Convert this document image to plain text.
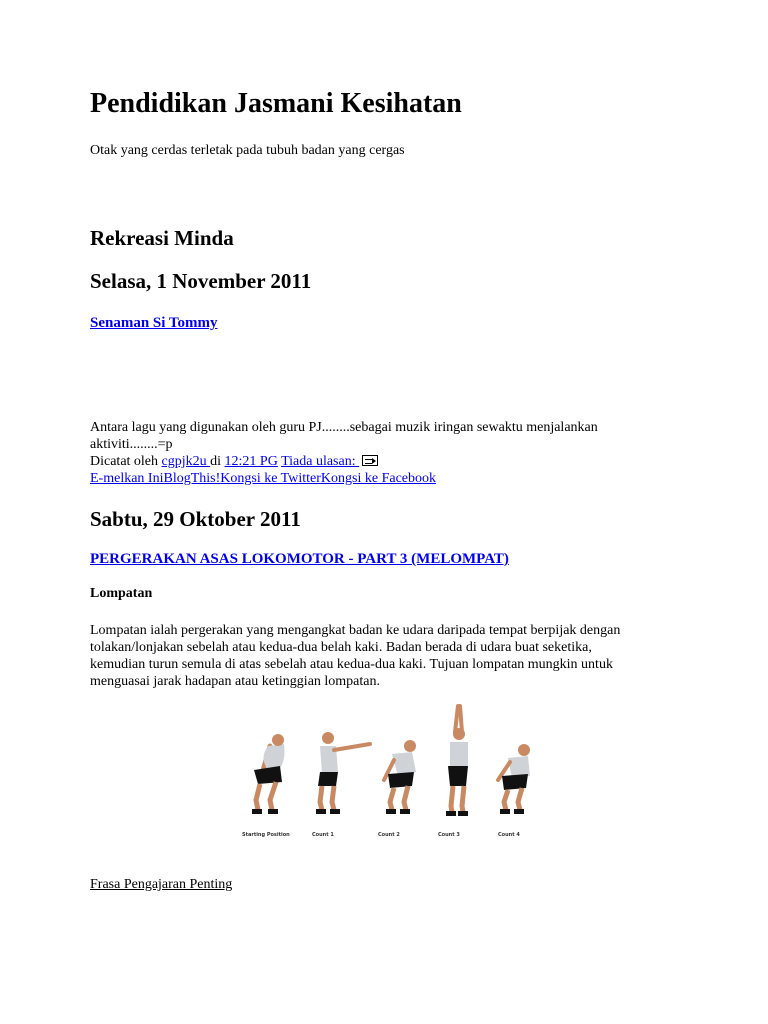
Pendidikan Jasmani Kesihatan

Otak yang cerdas terletak pada tubuh badan yang cergas

Rekreasi Minda
Selasa, 1 November 2011

Senaman Si Tommy

Antara lagu yang digunakan oleh guru PJ........sebagai muzik iringan sewaktu menjalankan
aktiviti........=p
Dicatat oleh cgpjk2u di 12:21 PG Tiada ulasan:
E-melkan IniBlogThis!Kongsi ke TwitterKongsi ke Facebook
Sabtu, 29 Oktober 2011

PERGERAKAN ASAS LOKOMOTOR - PART 3 (MELOMPAT)

Lompatan

Lompatan ialah pergerakan yang mengangkat badan ke udara daripada tempat berpijak dengan
tolakan/lonjakan sebelah atau kedua-dua belah kaki. Badan berada di udara buat seketika,
kemudian turun semula di atas sebelah atau kedua-dua kaki. Tujuan lompatan mungkin untuk
menguasai jarak hadapan atau ketinggian lompatan.
Starting Position	Count 1	Count 2	Count 3	Count 4
Frasa Pengajaran Penting
